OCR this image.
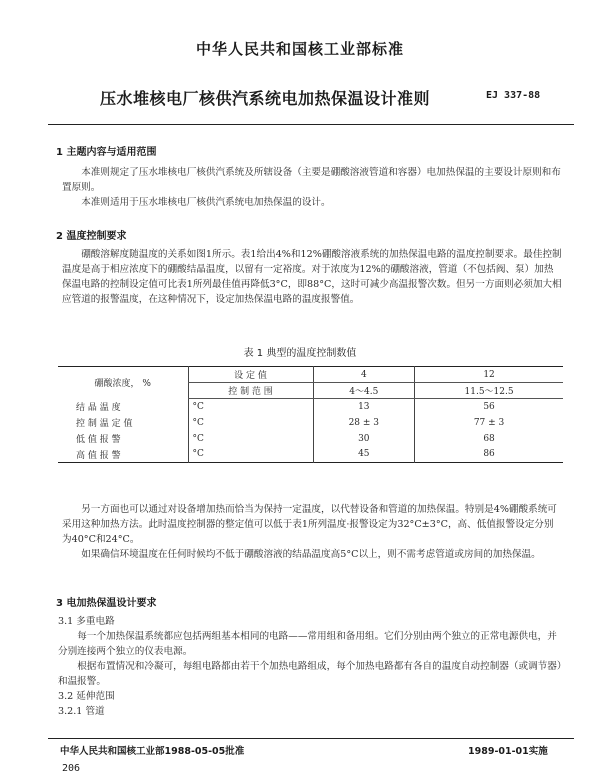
中华人民共和国核工业部标准
压水堆核电厂核供汽系统电加热保温设计准则	EJ 337-88
1 主题内容与适用范围

本准则规定了压水堆核电厂核供汽系统及所辖设备（主要是硼酸溶液管道和容器）电加热保温的主要设计原则和布置原则。

本准则适用于压水堆核电厂核供汽系统电加热保温的设计。

2 温度控制要求

硼酸溶解度随温度的关系如图1所示。表1给出4%和12%硼酸溶液系统的加热保温电路的温度控制要求。最佳控制温度是高于相应浓度下的硼酸结晶温度，以留有一定裕度。对于浓度为12%的硼酸溶液，管道（不包括阀、泵）加热保温电路的控制设定值可比表1所列最佳值再降低3°C，即88°C，这时可减少高温报警次数。但另一方面则必须加大相应管道的报警温度，在这种情况下，设定加热保温电路的温度报警值。

表 1 典型的温度控制数值
硼酸浓度， %	设 定 值	4	12
	控 制 范 围	4～4.5	11.5～12.5
结 晶 温 度	°C	13	56
控 制 温 定 值	°C	28 ± 3	77 ± 3
低 值 报 警	°C	30	68
高 值 报 警	°C	45	86

另一方面也可以通过对设备增加热而恰当为保持一定温度，以代替设备和管道的加热保温。特别是4%硼酸系统可采用这种加热方法。此时温度控制器的整定值可以低于表1所列温度·报警设定为32°C±3°C，高、低值报警设定分别为40°C和24°C。

如果确信环境温度在任何时候均不低于硼酸溶液的结晶温度高5°C以上，则不需考虑管道或房间的加热保温。

3 电加热保温设计要求
3.1 多重电路

每一个加热保温系统都应包括两组基本相同的电路——常用组和备用组。它们分别由两个独立的正常电源供电，并分别连接两个独立的仪表电源。

根据布置情况和冷凝可，每组电路都由若干个加热电路组成，每个加热电路都有各自的温度自动控制器（或调节器）和温报警。

3.2 延伸范围
3.2.1 管道
中华人民共和国核工业部1988-05-05批准	1989-01-01实施
206
